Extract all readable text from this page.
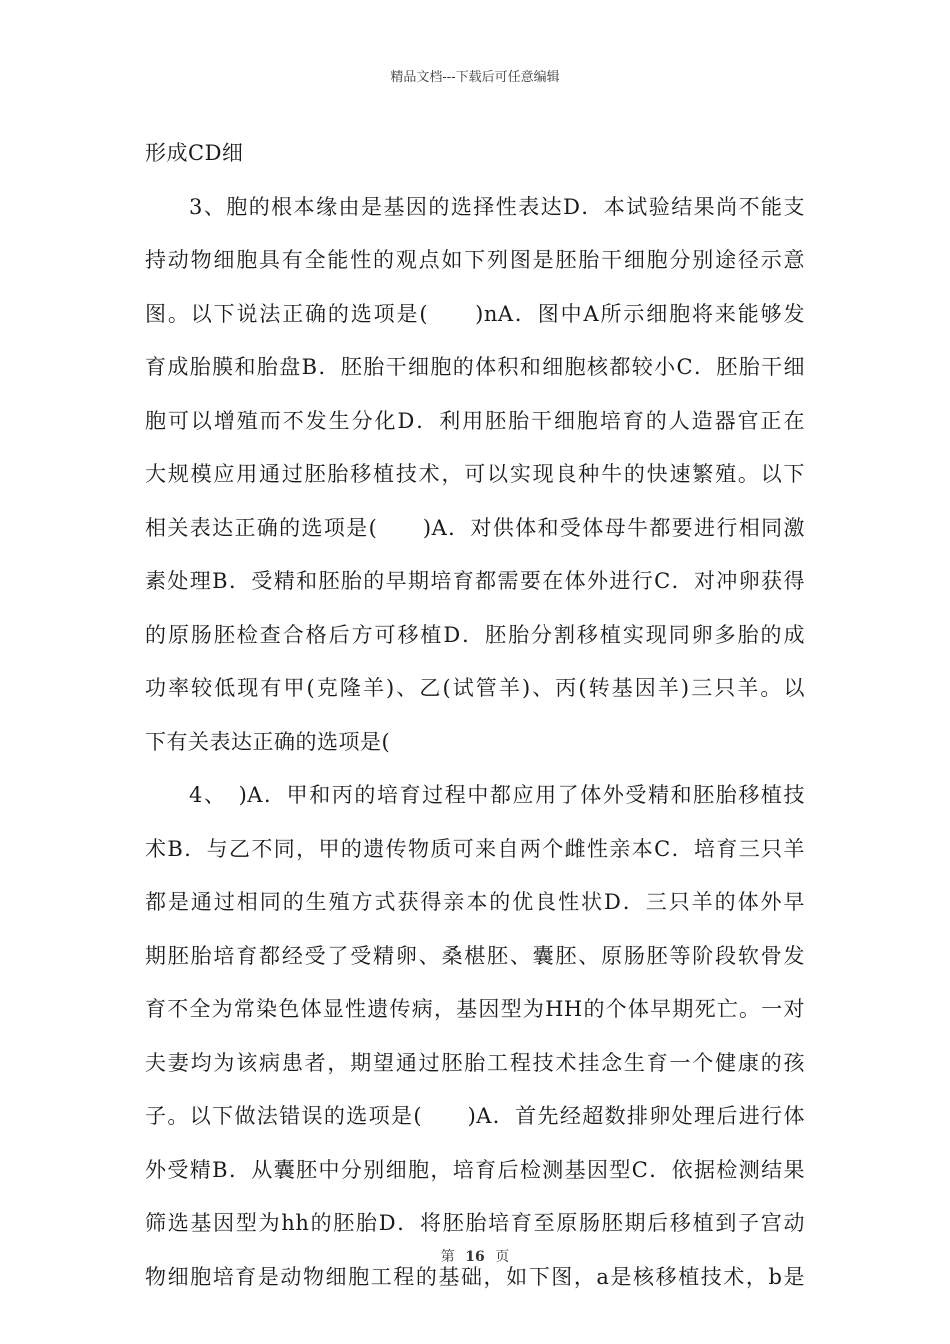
精品文档---下载后可任意编辑
形成CD细
3、胞的根本缘由是基因的选择性表达D．本试验结果尚不能支
持动物细胞具有全能性的观点如下列图是胚胎干细胞分别途径示意
图。以下说法正确的选项是(　　)nA．图中A所示细胞将来能够发
育成胎膜和胎盘B．胚胎干细胞的体积和细胞核都较小C．胚胎干细
胞可以增殖而不发生分化D．利用胚胎干细胞培育的人造器官正在
大规模应用通过胚胎移植技术，可以实现良种牛的快速繁殖。以下
相关表达正确的选项是(　　)A．对供体和受体母牛都要进行相同激
素处理B．受精和胚胎的早期培育都需要在体外进行C．对冲卵获得
的原肠胚检查合格后方可移植D．胚胎分割移植实现同卵多胎的成
功率较低现有甲(克隆羊)、乙(试管羊)、丙(转基因羊)三只羊。以
下有关表达正确的选项是(
4、　)A．甲和丙的培育过程中都应用了体外受精和胚胎移植技
术B．与乙不同，甲的遗传物质可来自两个雌性亲本C．培育三只羊
都是通过相同的生殖方式获得亲本的优良性状D．三只羊的体外早
期胚胎培育都经受了受精卵、桑椹胚、囊胚、原肠胚等阶段软骨发
育不全为常染色体显性遗传病，基因型为HH的个体早期死亡。一对
夫妻均为该病患者，期望通过胚胎工程技术挂念生育一个健康的孩
子。以下做法错误的选项是(　　)A．首先经超数排卵处理后进行体
外受精B．从囊胚中分别细胞，培育后检测基因型C．依据检测结果
筛选基因型为hh的胚胎D．将胚胎培育至原肠胚期后移植到子宫动
物细胞培育是动物细胞工程的基础，如下图，a是核移植技术，b是
第 16 页
